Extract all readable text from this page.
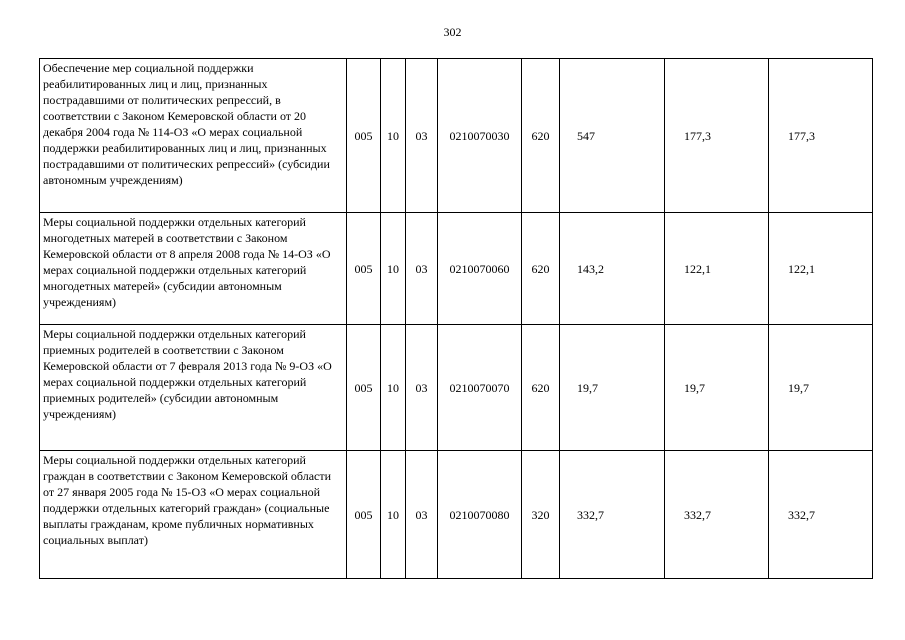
302
Обеспечение мер социальной поддержки реабилитированных лиц и лиц, признанных пострадавшими от политических репрессий, в соответствии с Законом Кемеровской области от 20 декабря 2004 года № 114-ОЗ «О мерах социальной поддержки реабилитированных лиц и лиц, признанных пострадавшими от политических репрессий» (субсидии автономным учреждениям)	005	10	03	0210070030	620	547	177,3	177,3
Меры социальной поддержки отдельных категорий многодетных матерей в соответствии с Законом Кемеровской области от 8 апреля 2008 года № 14-ОЗ «О мерах социальной поддержки отдельных категорий многодетных матерей» (субсидии автономным учреждениям)	005	10	03	0210070060	620	143,2	122,1	122,1
Меры социальной поддержки отдельных категорий приемных родителей в соответствии с Законом Кемеровской области от 7 февраля 2013 года № 9-ОЗ «О мерах социальной поддержки отдельных категорий приемных родителей» (субсидии автономным учреждениям)	005	10	03	0210070070	620	19,7	19,7	19,7
Меры социальной поддержки отдельных категорий граждан в соответствии с Законом Кемеровской области от 27 января 2005 года № 15-ОЗ «О мерах социальной поддержки отдельных категорий граждан» (социальные выплаты гражданам, кроме публичных нормативных социальных выплат)	005	10	03	0210070080	320	332,7	332,7	332,7
